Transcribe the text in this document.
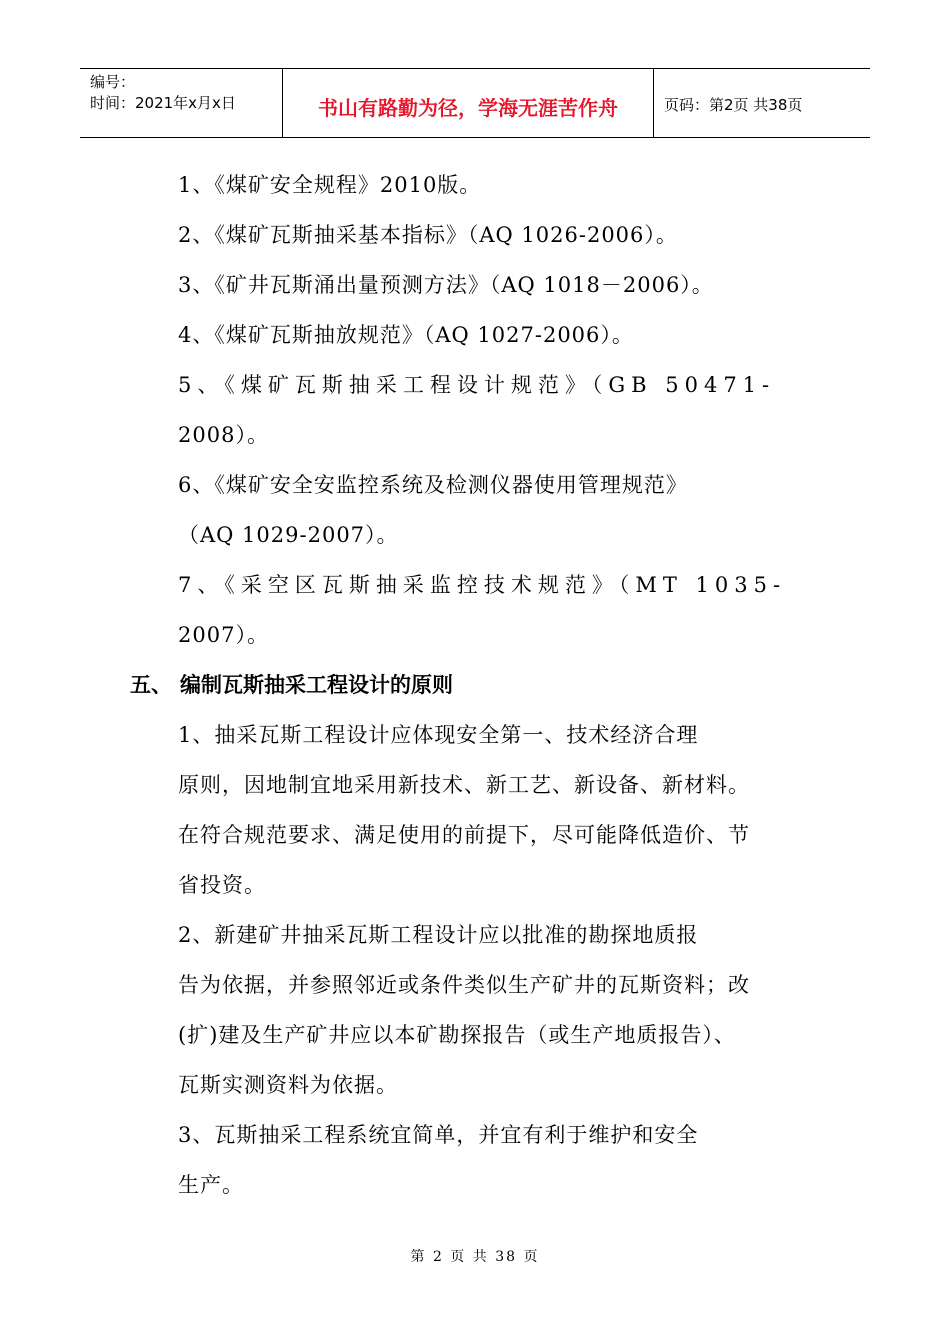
编号：
时间：2021年x月x日	书山有路勤为径，学海无涯苦作舟	页码：第2页 共38页

1、《煤矿安全规程》2010版。

2、《煤矿瓦斯抽采基本指标》（AQ 1026-2006）。

3、《矿井瓦斯涌出量预测方法》（AQ 1018－2006）。

4、《煤矿瓦斯抽放规范》（AQ 1027-2006）。

5、《煤矿瓦斯抽采工程设计规范》（GB 50471-

2008）。

6、《煤矿安全安监控系统及检测仪器使用管理规范》

（AQ 1029-2007）。

7、《采空区瓦斯抽采监控技术规范》（MT 1035-

2007）。

五、 编制瓦斯抽采工程设计的原则

1、抽采瓦斯工程设计应体现安全第一、技术经济合理

原则，因地制宜地采用新技术、新工艺、新设备、新材料。

在符合规范要求、满足使用的前提下，尽可能降低造价、节

省投资。

2、新建矿井抽采瓦斯工程设计应以批准的勘探地质报

告为依据，并参照邻近或条件类似生产矿井的瓦斯资料；改

(扩)建及生产矿井应以本矿勘探报告（或生产地质报告）、

瓦斯实测资料为依据。

3、瓦斯抽采工程系统宜简单，并宜有利于维护和安全

生产。

第 2 页 共 38 页
